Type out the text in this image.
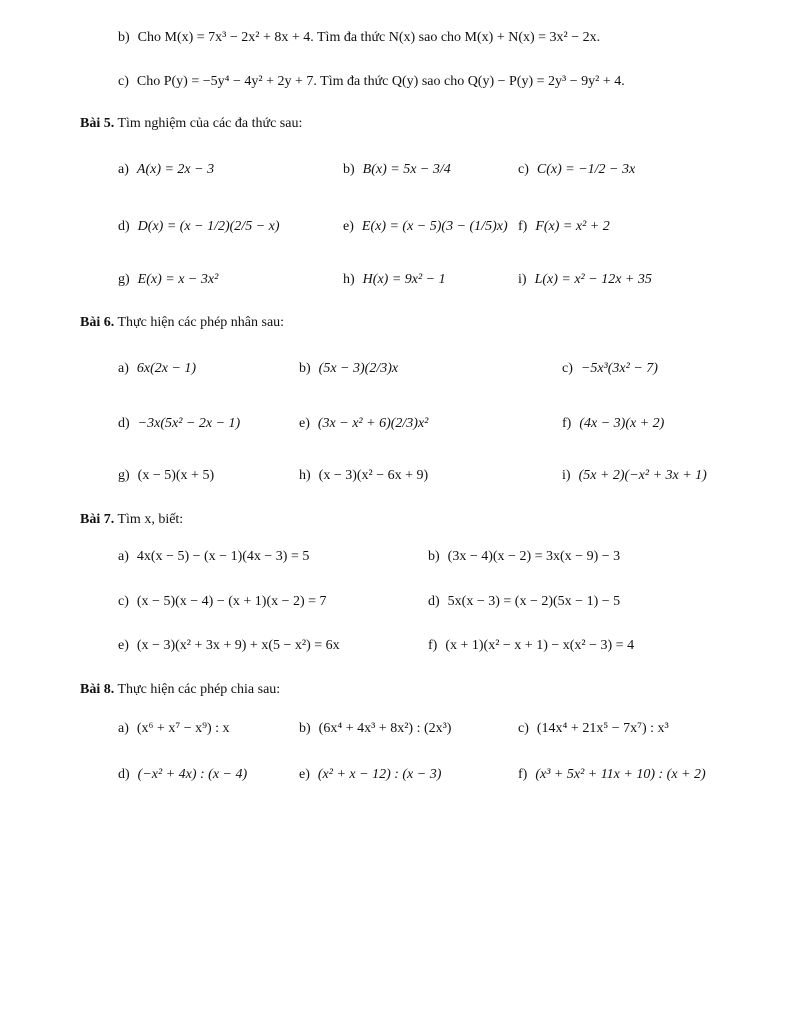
b) Cho M(x) = 7x³ − 2x² + 8x + 4. Tìm đa thức N(x) sao cho M(x) + N(x) = 3x² − 2x.
c) Cho P(y) = −5y⁴ − 4y² + 2y + 7. Tìm đa thức Q(y) sao cho Q(y) − P(y) = 2y³ − 9y² + 4.
Bài 5. Tìm nghiệm của các đa thức sau:
a) A(x) = 2x − 3	b) B(x) = 5x − 3/4	c) C(x) = −1/2 − 3x
d) D(x) = (x − 1/2)(2/5 − x)	e) E(x) = (x − 5)(3 − (1/5)x) f) F(x) = x² + 2
g) E(x) = x − 3x²	h) H(x) = 9x² − 1	i) L(x) = x² − 12x + 35
Bài 6. Thực hiện các phép nhân sau:
a) 6x(2x − 1)	b) (5x − 3)(2/3)x	c) −5x³(3x² − 7)
d) −3x(5x² − 2x − 1)	e) (3x − x² + 6)(2/3)x²	f) (4x − 3)(x + 2)
g) (x − 5)(x + 5)	h) (x − 3)(x² − 6x + 9)	i) (5x + 2)(−x² + 3x + 1)
Bài 7. Tìm x, biết:
a) 4x(x − 5) − (x − 1)(4x − 3) = 5	b) (3x − 4)(x − 2) = 3x(x − 9) − 3
c) (x − 5)(x − 4) − (x + 1)(x − 2) = 7	d) 5x(x − 3) = (x − 2)(5x − 1) − 5
e) (x − 3)(x² + 3x + 9) + x(5 − x²) = 6x	f) (x + 1)(x² − x + 1) − x(x² − 3) = 4
Bài 8. Thực hiện các phép chia sau:
a) (x⁶ + x⁷ − x⁹) : x	b) (6x⁴ + 4x³ + 8x²) : (2x³)	c) (14x⁴ + 21x⁵ − 7x⁷) : x³
d) (−x² + 4x) : (x − 4)	e) (x² + x − 12) : (x − 3)	f) (x³ + 5x² + 11x + 10) : (x + 2)
